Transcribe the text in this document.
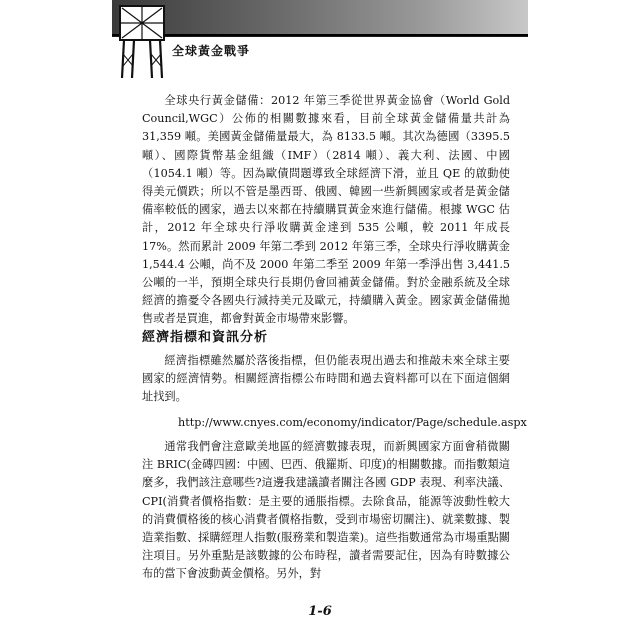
全球黃金戰爭

全球央行黃金儲備：2012 年第三季從世界黃金協會（World Gold Council,WGC）公佈的相關數據來看，目前全球黃金儲備量共計為 31,359 噸。美國黃金儲備量最大，為 8133.5 噸。其次為德國（3395.5 噸）、國際貨幣基金組織（IMF）（2814 噸）、義大利、法國、中國（1054.1 噸）等。因為歐債問題導致全球經濟下滑，並且 QE 的啟動使得美元價跌；所以不管是墨西哥、俄國、韓國一些新興國家或者是黃金儲備率較低的國家，過去以來都在持續購買黃金來進行儲備。根據 WGC 估計，2012 年全球央行淨收購黃金達到 535 公噸，較 2011 年成長 17%。然而累計 2009 年第二季到 2012 年第三季，全球央行淨收購黃金 1,544.4 公噸，尚不及 2000 年第二季至 2009 年第一季淨出售 3,441.5 公噸的一半，預期全球央行長期仍會回補黃金儲備。對於金融系統及全球經濟的擔憂令各國央行減持美元及歐元，持續購入黃金。國家黃金儲備拋售或者是買進，都會對黃金市場帶來影響。

經濟指標和資訊分析

經濟指標雖然屬於落後指標，但仍能表現出過去和推敲未來全球主要國家的經濟情勢。相關經濟指標公布時間和過去資料都可以在下面這個網址找到。

http://www.cnyes.com/economy/indicator/Page/schedule.aspx

通常我們會注意歐美地區的經濟數據表現，而新興國家方面會稍微關注 BRIC(金磚四國：中國、巴西、俄羅斯、印度)的相關數據。而指數類這麼多，我們該注意哪些?這邊我建議讀者關注各國 GDP 表現、利率決議、CPI(消費者價格指數：是主要的通脹指標。去除食品，能源等波動性較大的消費價格後的核心消費者價格指數，受到市場密切關注)、就業數據、製造業指數、採購經理人指數(服務業和製造業)。這些指數通常為市場重點關注項目。另外重點是該數據的公布時程，讀者需要記住，因為有時數據公布的當下會波動黃金價格。另外，對

1-6
